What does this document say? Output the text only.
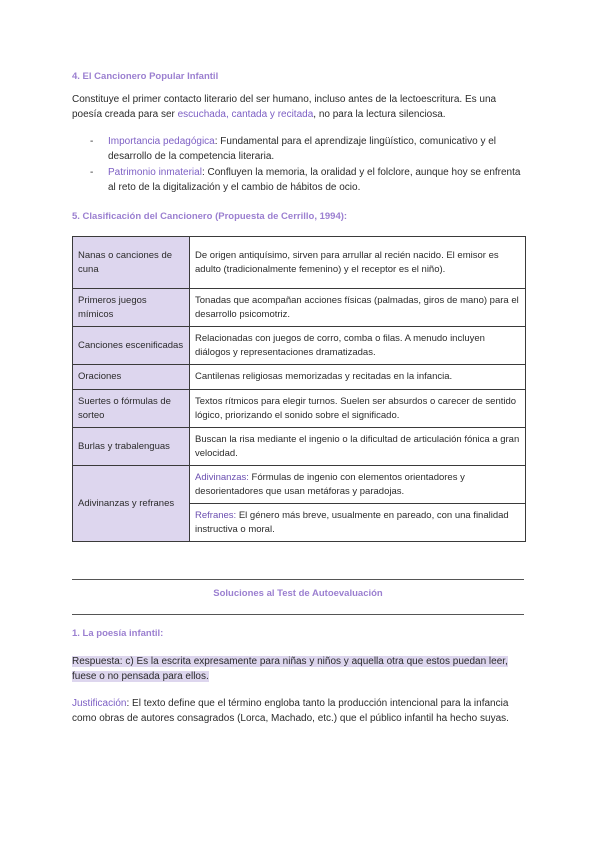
4. El Cancionero Popular Infantil
Constituye el primer contacto literario del ser humano, incluso antes de la lectoescritura. Es una poesía creada para ser escuchada, cantada y recitada, no para la lectura silenciosa.
- Importancia pedagógica: Fundamental para el aprendizaje lingüístico, comunicativo y el desarrollo de la competencia literaria.
- Patrimonio inmaterial: Confluyen la memoria, la oralidad y el folclore, aunque hoy se enfrenta al reto de la digitalización y el cambio de hábitos de ocio.
5. Clasificación del Cancionero (Propuesta de Cerrillo, 1994):
Nanas o canciones de cuna	De origen antiquísimo, sirven para arrullar al recién nacido. El emisor es adulto (tradicionalmente femenino) y el receptor es el niño).
Primeros juegos mímicos	Tonadas que acompañan acciones físicas (palmadas, giros de mano) para el desarrollo psicomotriz.
Canciones escenificadas	Relacionadas con juegos de corro, comba o filas. A menudo incluyen diálogos y representaciones dramatizadas.
Oraciones	Cantilenas religiosas memorizadas y recitadas en la infancia.
Suertes o fórmulas de sorteo	Textos rítmicos para elegir turnos. Suelen ser absurdos o carecer de sentido lógico, priorizando el sonido sobre el significado.
Burlas y trabalenguas	Buscan la risa mediante el ingenio o la dificultad de articulación fónica a gran velocidad.
Adivinanzas y refranes	Adivinanzas: Fórmulas de ingenio con elementos orientadores y desorientadores que usan metáforas y paradojas.
	Refranes: El género más breve, usualmente en pareado, con una finalidad instructiva o moral.
Soluciones al Test de Autoevaluación
1. La poesía infantil:
Respuesta: c) Es la escrita expresamente para niñas y niños y aquella otra que estos puedan leer, fuese o no pensada para ellos.
Justificación: El texto define que el término engloba tanto la producción intencional para la infancia como obras de autores consagrados (Lorca, Machado, etc.) que el público infantil ha hecho suyas.
